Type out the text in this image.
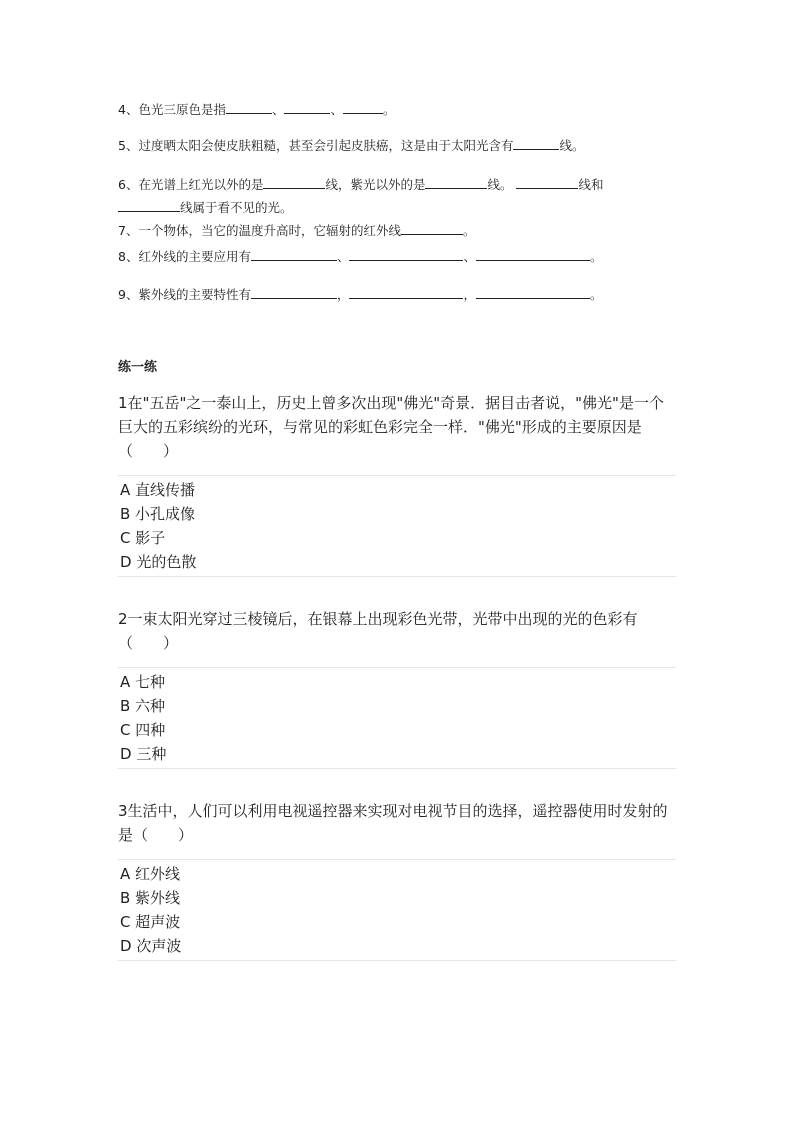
4、色光三原色是指	、	、	。
5、过度晒太阳会使皮肤粗糙，甚至会引起皮肤癌，这是由于太阳光含有	线。
6、在光谱上红光以外的是	线，紫光以外的是	线。	线和
线属于看不见的光。
7、一个物体，当它的温度升高时，它辐射的红外线	。
8、红外线的主要应用有	、	、	。
9、紫外线的主要特性有	，	，	。
练一练

1在"五岳"之一泰山上，历史上曾多次出现"佛光"奇景．据目击者说，"佛光"是一个巨大的五彩缤纷的光环，与常见的彩虹色彩完全一样．"佛光"形成的主要原因是（　　）

A 直线传播
B 小孔成像
C 影子
D 光的色散

2一束太阳光穿过三棱镜后，在银幕上出现彩色光带，光带中出现的光的色彩有（　　）

A 七种
B 六种
C 四种
D 三种

3生活中，人们可以利用电视遥控器来实现对电视节目的选择，遥控器使用时发射的是（　　）

A 红外线
B 紫外线
C 超声波
D 次声波
